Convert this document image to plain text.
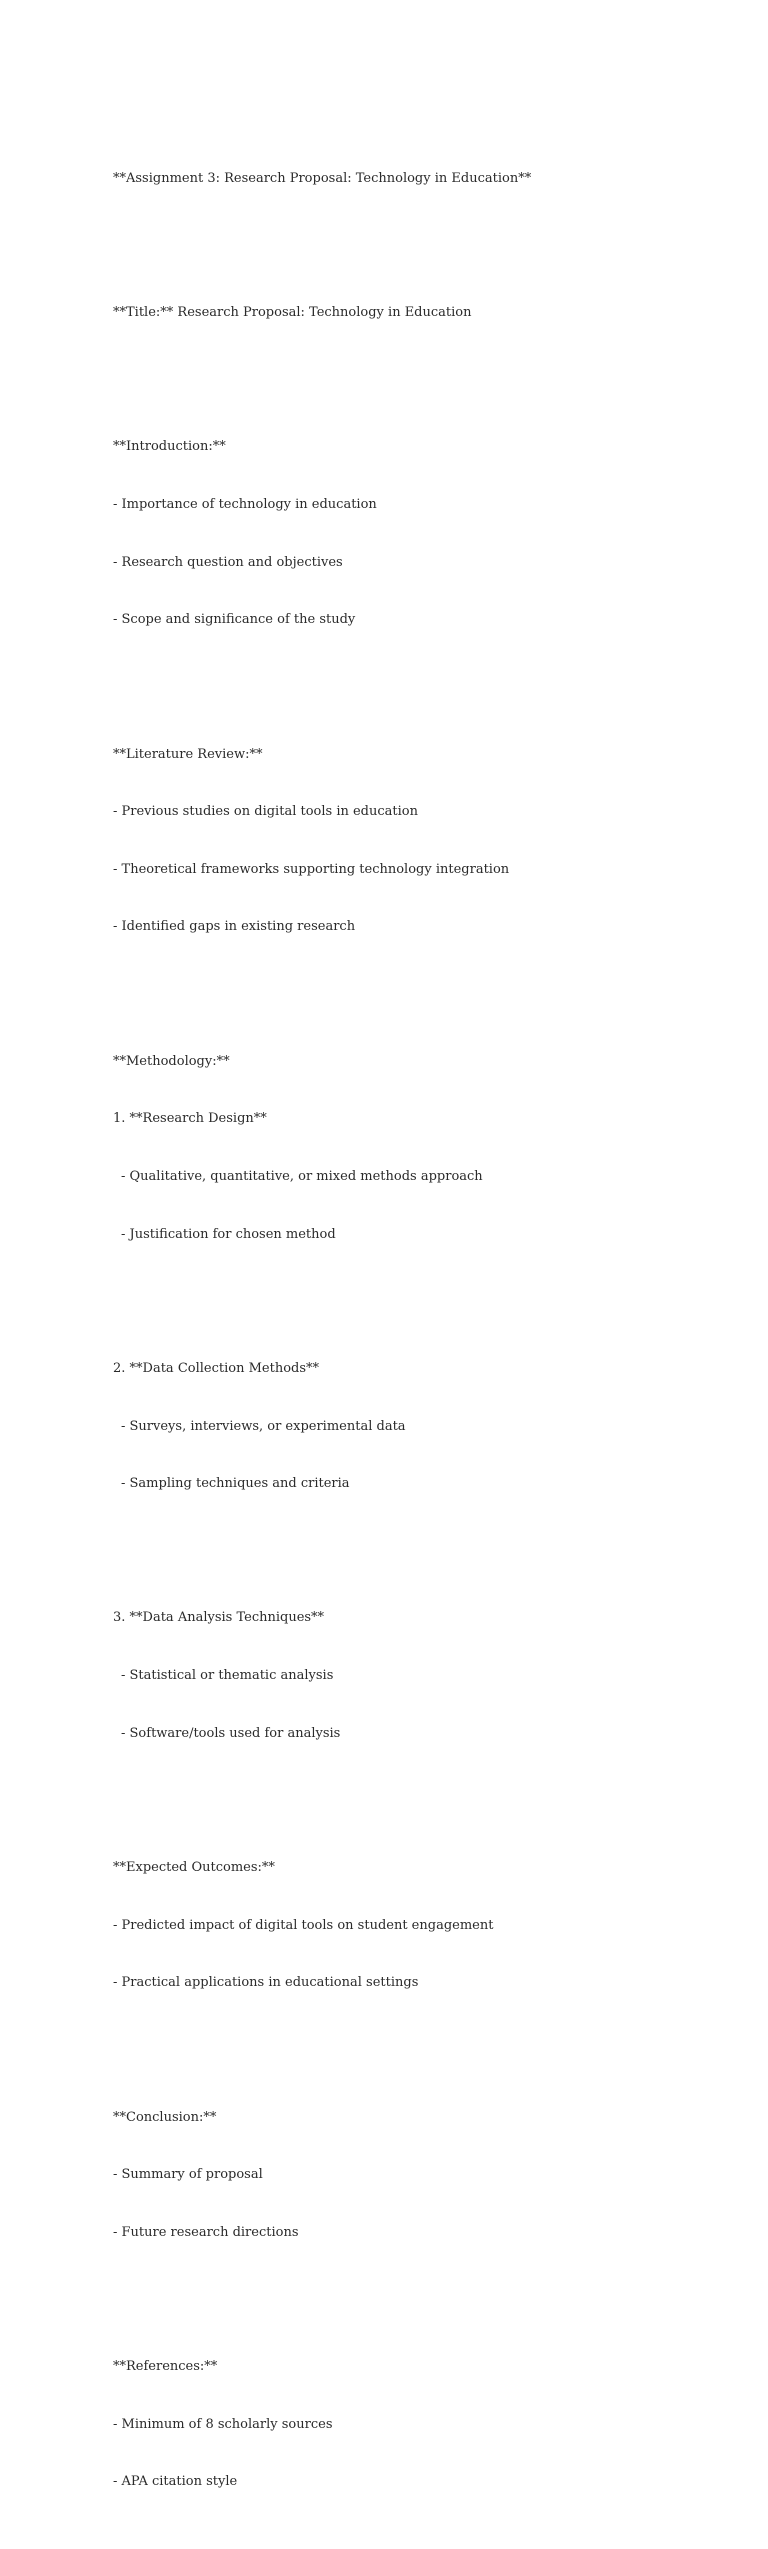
**Assignment 3: Research Proposal: Technology in Education**

**Title:** Research Proposal: Technology in Education

**Introduction:**

- Importance of technology in education

- Research question and objectives

- Scope and significance of the study

**Literature Review:**

- Previous studies on digital tools in education

- Theoretical frameworks supporting technology integration

- Identified gaps in existing research

**Methodology:**

1. **Research Design**

- Qualitative, quantitative, or mixed methods approach

- Justification for chosen method

2. **Data Collection Methods**

- Surveys, interviews, or experimental data

- Sampling techniques and criteria

3. **Data Analysis Techniques**

- Statistical or thematic analysis

- Software/tools used for analysis

**Expected Outcomes:**

- Predicted impact of digital tools on student engagement

- Practical applications in educational settings

**Conclusion:**

- Summary of proposal

- Future research directions

**References:**

- Minimum of 8 scholarly sources

- APA citation style
